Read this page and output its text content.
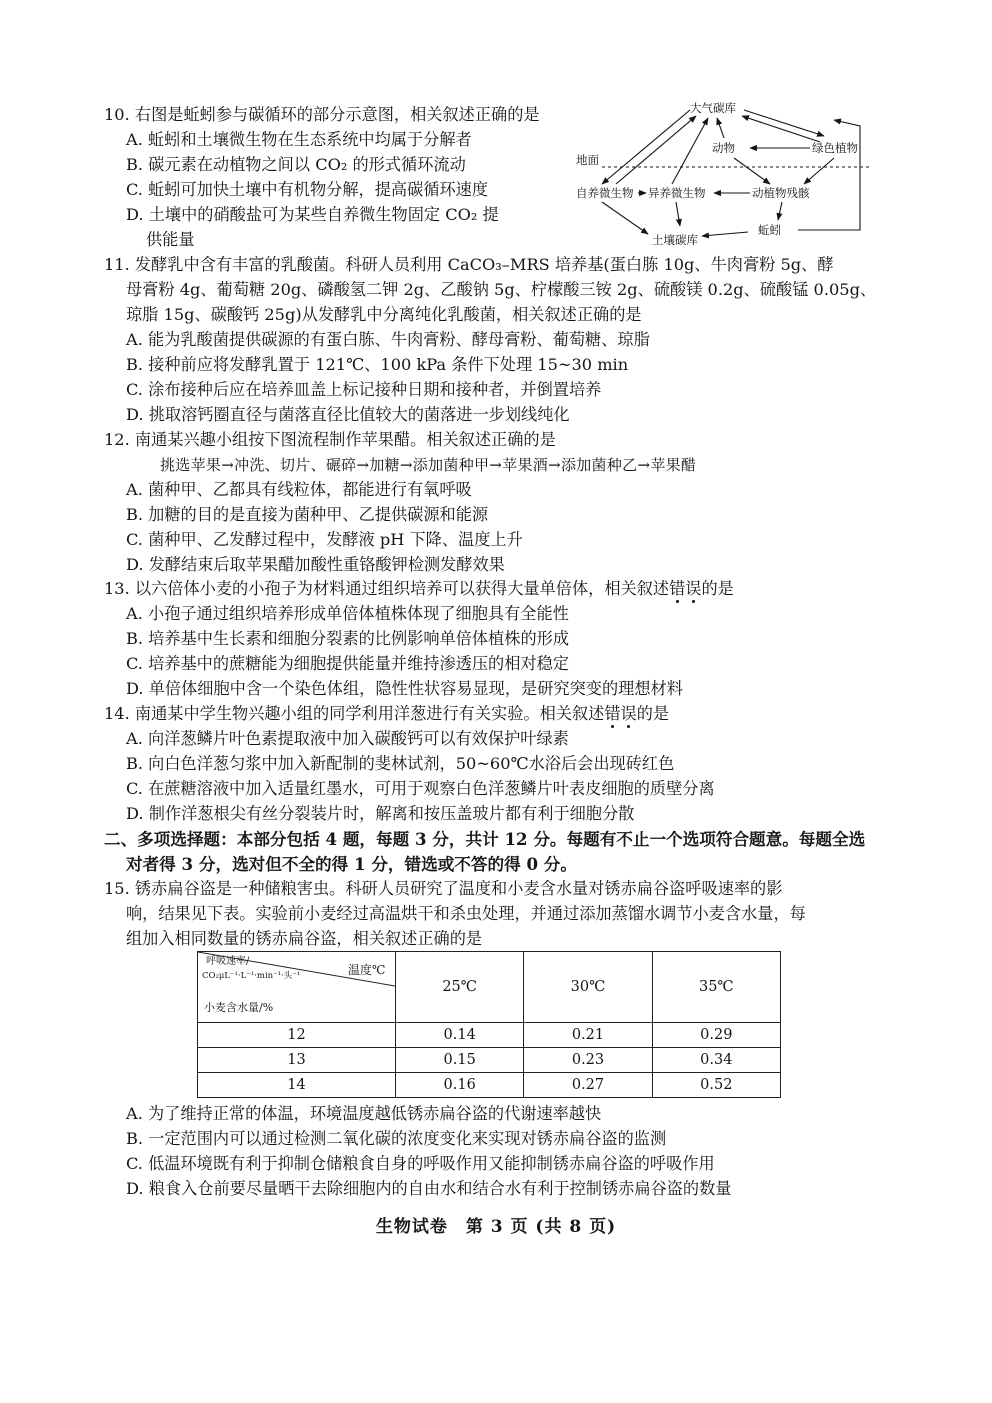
10. 右图是蚯蚓参与碳循环的部分示意图，相关叙述正确的是
A. 蚯蚓和土壤微生物在生态系统中均属于分解者
B. 碳元素在动植物之间以 CO₂ 的形式循环流动
C. 蚯蚓可加快土壤中有机物分解，提高碳循环速度
D. 土壤中的硝酸盐可为某些自养微生物固定 CO₂ 提
供能量
大气碳库
动物	绿色植物
地面
自养微生物 异养微生物	动植物残骸
蚯蚓
土壤碳库
11. 发酵乳中含有丰富的乳酸菌。科研人员利用 CaCO₃–MRS 培养基(蛋白胨 10g、牛肉膏粉 5g、酵
母膏粉 4g、葡萄糖 20g、磷酸氢二钾 2g、乙酸钠 5g、柠檬酸三铵 2g、硫酸镁 0.2g、硫酸锰 0.05g、
琼脂 15g、碳酸钙 25g)从发酵乳中分离纯化乳酸菌，相关叙述正确的是
A. 能为乳酸菌提供碳源的有蛋白胨、牛肉膏粉、酵母膏粉、葡萄糖、琼脂
B. 接种前应将发酵乳置于 121℃、100 kPa 条件下处理 15~30 min
C. 涂布接种后应在培养皿盖上标记接种日期和接种者，并倒置培养
D. 挑取溶钙圈直径与菌落直径比值较大的菌落进一步划线纯化
12. 南通某兴趣小组按下图流程制作苹果醋。相关叙述正确的是
挑选苹果→冲洗、切片、碾碎→加糖→添加菌种甲→苹果酒→添加菌种乙→苹果醋
A. 菌种甲、乙都具有线粒体，都能进行有氧呼吸
B. 加糖的目的是直接为菌种甲、乙提供碳源和能源
C. 菌种甲、乙发酵过程中，发酵液 pH 下降、温度上升
D. 发酵结束后取苹果醋加酸性重铬酸钾检测发酵效果
13. 以六倍体小麦的小孢子为材料通过组织培养可以获得大量单倍体，相关叙述错误的是
A. 小孢子通过组织培养形成单倍体植株体现了细胞具有全能性
B. 培养基中生长素和细胞分裂素的比例影响单倍体植株的形成
C. 培养基中的蔗糖能为细胞提供能量并维持渗透压的相对稳定
D. 单倍体细胞中含一个染色体组，隐性性状容易显现，是研究突变的理想材料
14. 南通某中学生物兴趣小组的同学利用洋葱进行有关实验。相关叙述错误的是
A. 向洋葱鳞片叶色素提取液中加入碳酸钙可以有效保护叶绿素
B. 向白色洋葱匀浆中加入新配制的斐林试剂，50~60℃水浴后会出现砖红色
C. 在蔗糖溶液中加入适量红墨水，可用于观察白色洋葱鳞片叶表皮细胞的质壁分离
D. 制作洋葱根尖有丝分裂装片时，解离和按压盖玻片都有利于细胞分散
二、多项选择题：本部分包括 4 题，每题 3 分，共计 12 分。每题有不止一个选项符合题意。每题全选
对者得 3 分，选对但不全的得 1 分，错选或不答的得 0 分。
15. 锈赤扁谷盗是一种储粮害虫。科研人员研究了温度和小麦含水量对锈赤扁谷盗呼吸速率的影
响，结果见下表。实验前小麦经过高温烘干和杀虫处理，并通过添加蒸馏水调节小麦含水量，每
组加入相同数量的锈赤扁谷盗，相关叙述正确的是
呼吸速率/
CO₂μL⁻¹·L⁻¹·min⁻¹·头⁻¹ 温度℃
小麦含水量/%	25℃	30℃	35℃
12	0.14	0.21	0.29
13	0.15	0.23	0.34
14	0.16	0.27	0.52
A. 为了维持正常的体温，环境温度越低锈赤扁谷盗的代谢速率越快
B. 一定范围内可以通过检测二氧化碳的浓度变化来实现对锈赤扁谷盗的监测
C. 低温环境既有利于抑制仓储粮食自身的呼吸作用又能抑制锈赤扁谷盗的呼吸作用
D. 粮食入仓前要尽量晒干去除细胞内的自由水和结合水有利于控制锈赤扁谷盗的数量
生物试卷　第 3 页 (共 8 页)
